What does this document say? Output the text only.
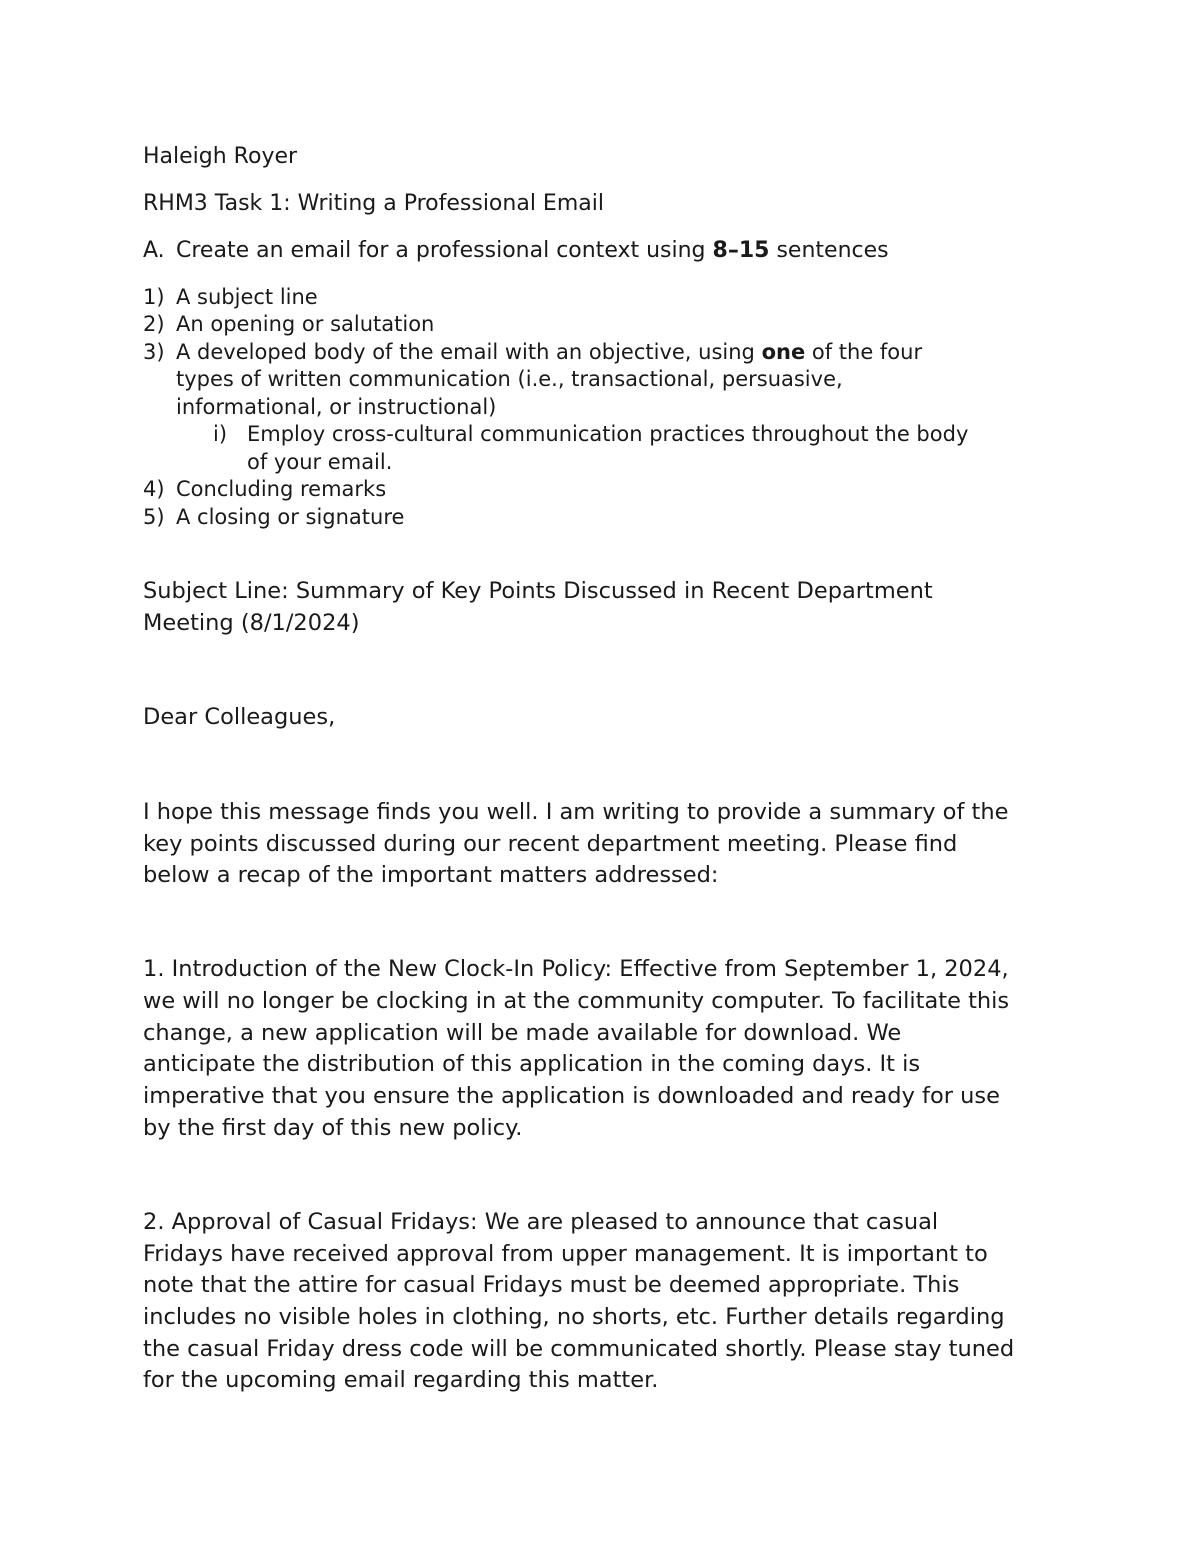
Haleigh Royer
RHM3 Task 1: Writing a Professional Email
A. Create an email for a professional context using 8–15 sentences
1) A subject line
2) An opening or salutation
3) A developed body of the email with an objective, using one of the four
types of written communication (i.e., transactional, persuasive,
informational, or instructional)
i) Employ cross-cultural communication practices throughout the body
of your email.
4) Concluding remarks
5) A closing or signature
Subject Line: Summary of Key Points Discussed in Recent Department
Meeting (8/1/2024)
Dear Colleagues,
I hope this message finds you well. I am writing to provide a summary of the
key points discussed during our recent department meeting. Please find
below a recap of the important matters addressed:
1. Introduction of the New Clock-In Policy: Effective from September 1, 2024,
we will no longer be clocking in at the community computer. To facilitate this
change, a new application will be made available for download. We
anticipate the distribution of this application in the coming days. It is
imperative that you ensure the application is downloaded and ready for use
by the first day of this new policy.
2. Approval of Casual Fridays: We are pleased to announce that casual
Fridays have received approval from upper management. It is important to
note that the attire for casual Fridays must be deemed appropriate. This
includes no visible holes in clothing, no shorts, etc. Further details regarding
the casual Friday dress code will be communicated shortly. Please stay tuned
for the upcoming email regarding this matter.
